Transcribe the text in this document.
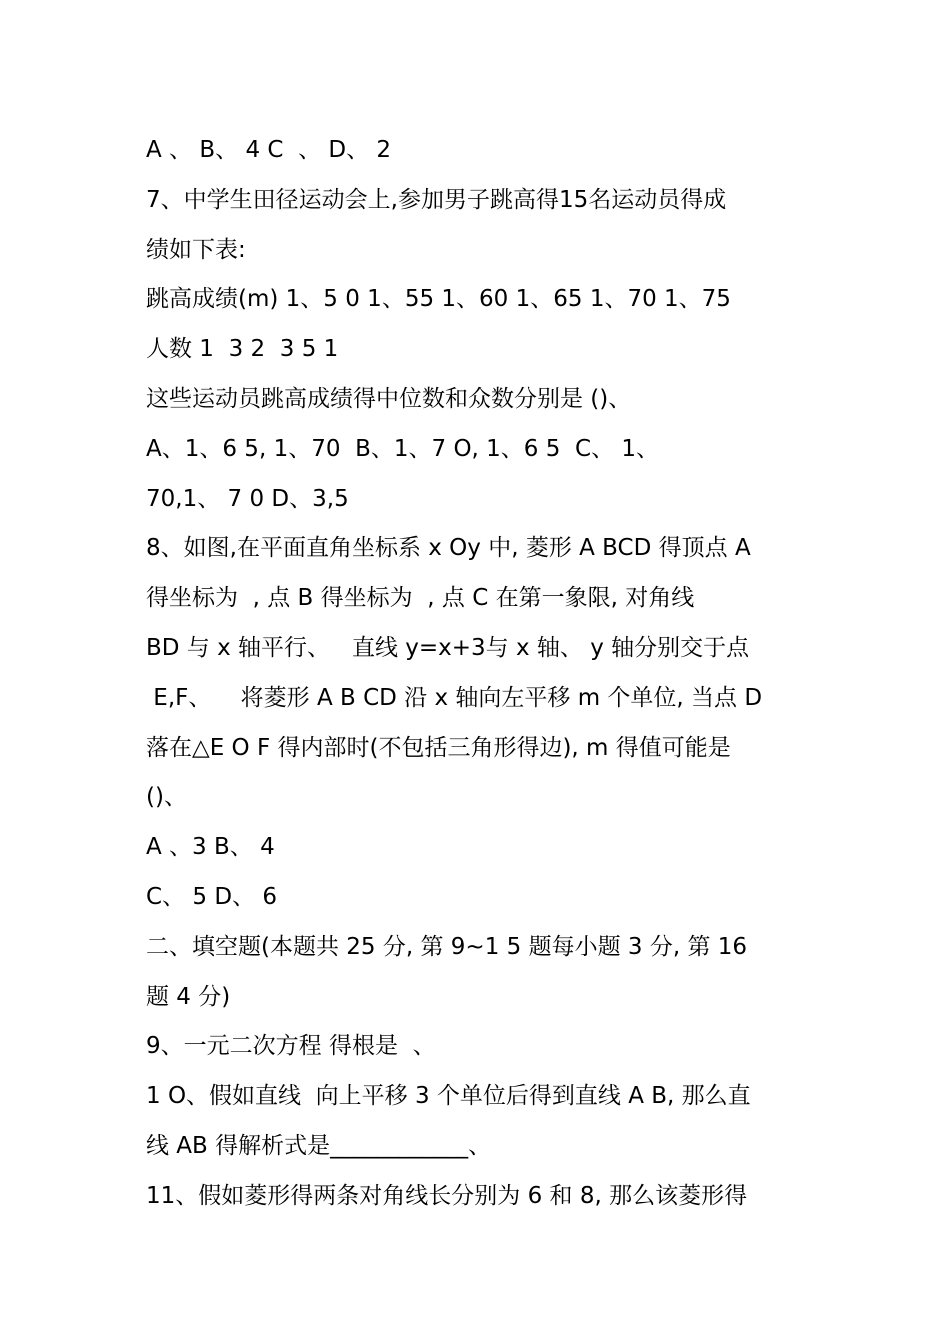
A 、 B、 4 C  、 D、 2
7、中学生田径运动会上,参加男子跳高得15名运动员得成
绩如下表:
跳高成绩(m) 1、5 0 1、55 1、60 1、65 1、70 1、75
人数 1  3 2  3 5 1
这些运动员跳高成绩得中位数和众数分别是 ()、
A、1、6 5, 1、70  B、1、7 O, 1、6 5  C、 1、
70,1、 7 0 D、3,5
8、如图,在平面直角坐标系 x Oy 中, 菱形 A BCD 得顶点 A
得坐标为  , 点 B 得坐标为  , 点 C 在第一象限, 对角线
BD 与 x 轴平行、   直线 y=x+3与 x 轴、 y 轴分别交于点
E,F、    将菱形 A B CD 沿 x 轴向左平移 m 个单位, 当点 D
落在△E O F 得内部时(不包括三角形得边), m 得值可能是
()、
A 、3 B、 4
C、 5 D、 6
二、填空题(本题共 25 分, 第 9~1 5 题每小题 3 分, 第 16
题 4 分)
9、一元二次方程 得根是  、
1 O、假如直线  向上平移 3 个单位后得到直线 A B, 那么直
线 AB 得解析式是____________、
11、假如菱形得两条对角线长分别为 6 和 8, 那么该菱形得
